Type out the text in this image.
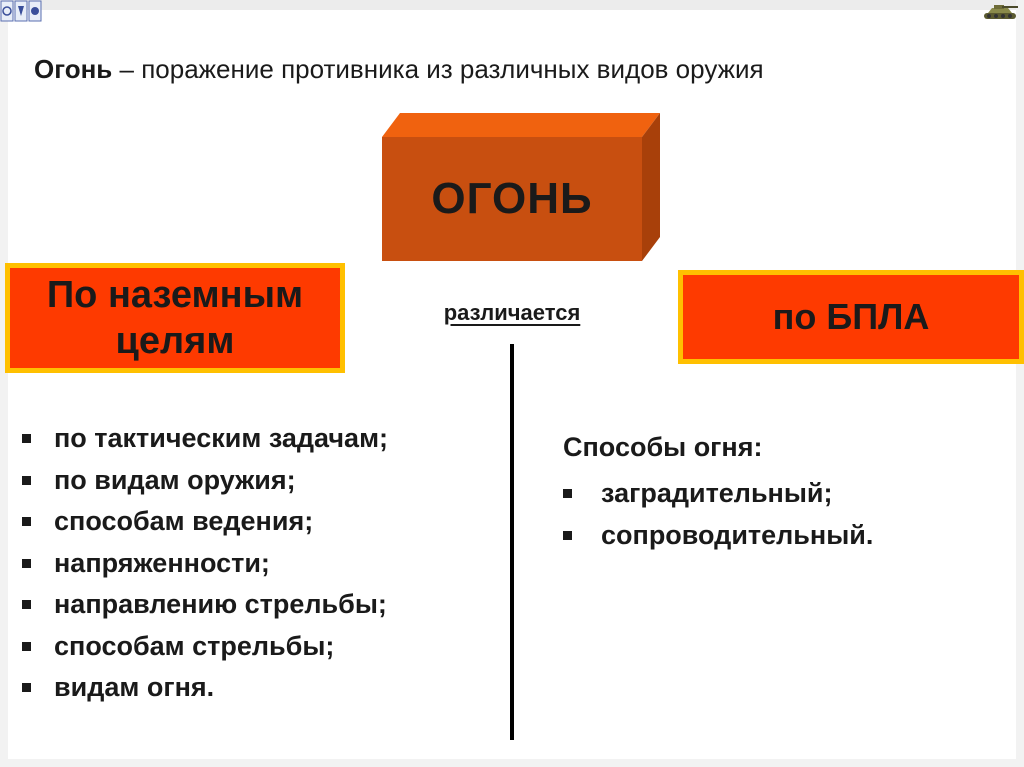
Огонь – поражение противника из различных видов оружия
ОГОНЬ
По наземным целям
по БПЛА
различается
по тактическим задачам;
по видам оружия;
способам ведения;
напряженности;
направлению стрельбы;
способам стрельбы;
видам огня.
Способы огня:
заградительный;
сопроводительный.
